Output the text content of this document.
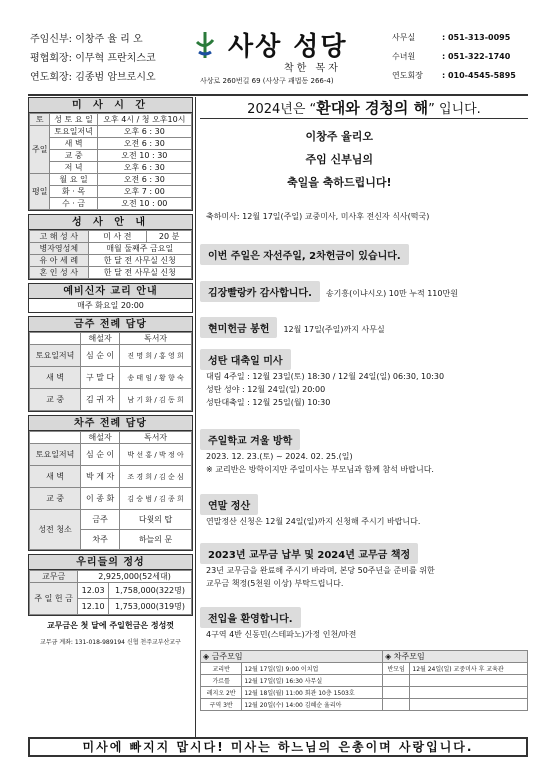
주임신부: 이창주 율 리 오
평협회장: 이무혁 프란치스코
연도회장: 김종범 암브로시오
사상 성당
착한 목자
사상로 260번길 69 (사상구 괘법동 266-4)
사무실	: 051-313-0095
수녀원	: 051-322-1740
연도회장 : 010-4545-5895
미 사 시 간
토	성 토 요 일	오후 4시 / 청 오후10시
주일	토요일저녁	오후 6 : 30
	새 벽	오전 6 : 30
	교 중	오전 10 : 30
	저 녁	오후 6 : 30
평일	월 요 일	오전 6 : 30
	화 · 목	오후 7 : 00
	수 · 금	오전 10 : 00
성 사 안 내
고 해 성 사	미 사 전	20 분
병자영성체	매월 둘째주 금요일	
유 아 세 례	한 달 전 사무실 신청	
혼 인 성 사	한 달 전 사무실 신청	
예비신자 교리 안내
매주 화요일 20:00
금주 전례 담당
	해설자	독서자
토요일저녁	심 순 이	진 명 희 / 홍 영 희
새 벽	구 말 다	송 태 임 / 황 향 숙
교 중	김 귀 자	남 기 화 / 김 동 희
차주 전례 담당
	해설자	독서자
토요일저녁	심 순 이	박 선 홍 / 박 정 아
새 벽	박 게 자	조 경 희 / 김 순 심
교 중	이 종 화	김 승 범 / 김 종 희
성전 청소	금주	다윗의 탑
	차주	하늘의 문
우리들의 정성
교무금	2,925,000(52세대)	
주 일 헌 금	12.03	1,758,000(322명)
	12.10	1,753,000(319명)
교무금은 첫 달에 주일헌금은 정성껏
교무금 계좌: 131-018-989194 신협 천주교부산교구
2024년은 “환대와 경청의 해” 입니다.
이창주 율리오
주임 신부님의
축일을 축하드립니다!
축하미사: 12월 17일(주일) 교중미사, 미사후 전신자 식사(떡국)
이번 주일은 자선주일, 2차헌금이 있습니다.
김장빨랑카 감사합니다. 송기흥(이냐시오) 10만 누적 110만원
현미헌금 봉헌 12월 17일(주일)까지 사무실
성탄 대축일 미사
대림 4주일 : 12월 23일(토) 18:30 / 12월 24일(일) 06:30, 10:30
성탄 성야 : 12월 24일(일) 20:00
성탄대축일 : 12월 25일(월) 10:30
주일학교 겨울 방학
2023. 12. 23.(토) ~ 2024. 02. 25.(일)
※ 교리반은 방학이지만 주일미사는 부모님과 함께 참석 바랍니다.
연말 정산
연말정산 신청은 12월 24일(일)까지 신청해 주시기 바랍니다.
2023년 교무금 납부 및 2024년 교무금 책정
23년 교무금을 완료해 주시기 바라며, 본당 50주년을 준비를 위한
교무금 책정(5천원 이상) 부탁드립니다.
전입을 환영합니다.
4구역 4반 신동민(스테파노)가정 인천/마전
◈ 금주모임		◈ 차주모임	
교리반	12월 17일(일) 9:00 이치업	반모임	12월 24일(일) 교중미사 후 교육관
가르틀	12월 17일(일) 16:30 사무실		
레지오 2반	12월 18일(월) 11:00 회관 10층 1503호		
구역 3반	12월 20일(수) 14:00 김혜순 율리아		
미사에 빠지지 맙시다! 미사는 하느님의 은총이며 사랑입니다.
